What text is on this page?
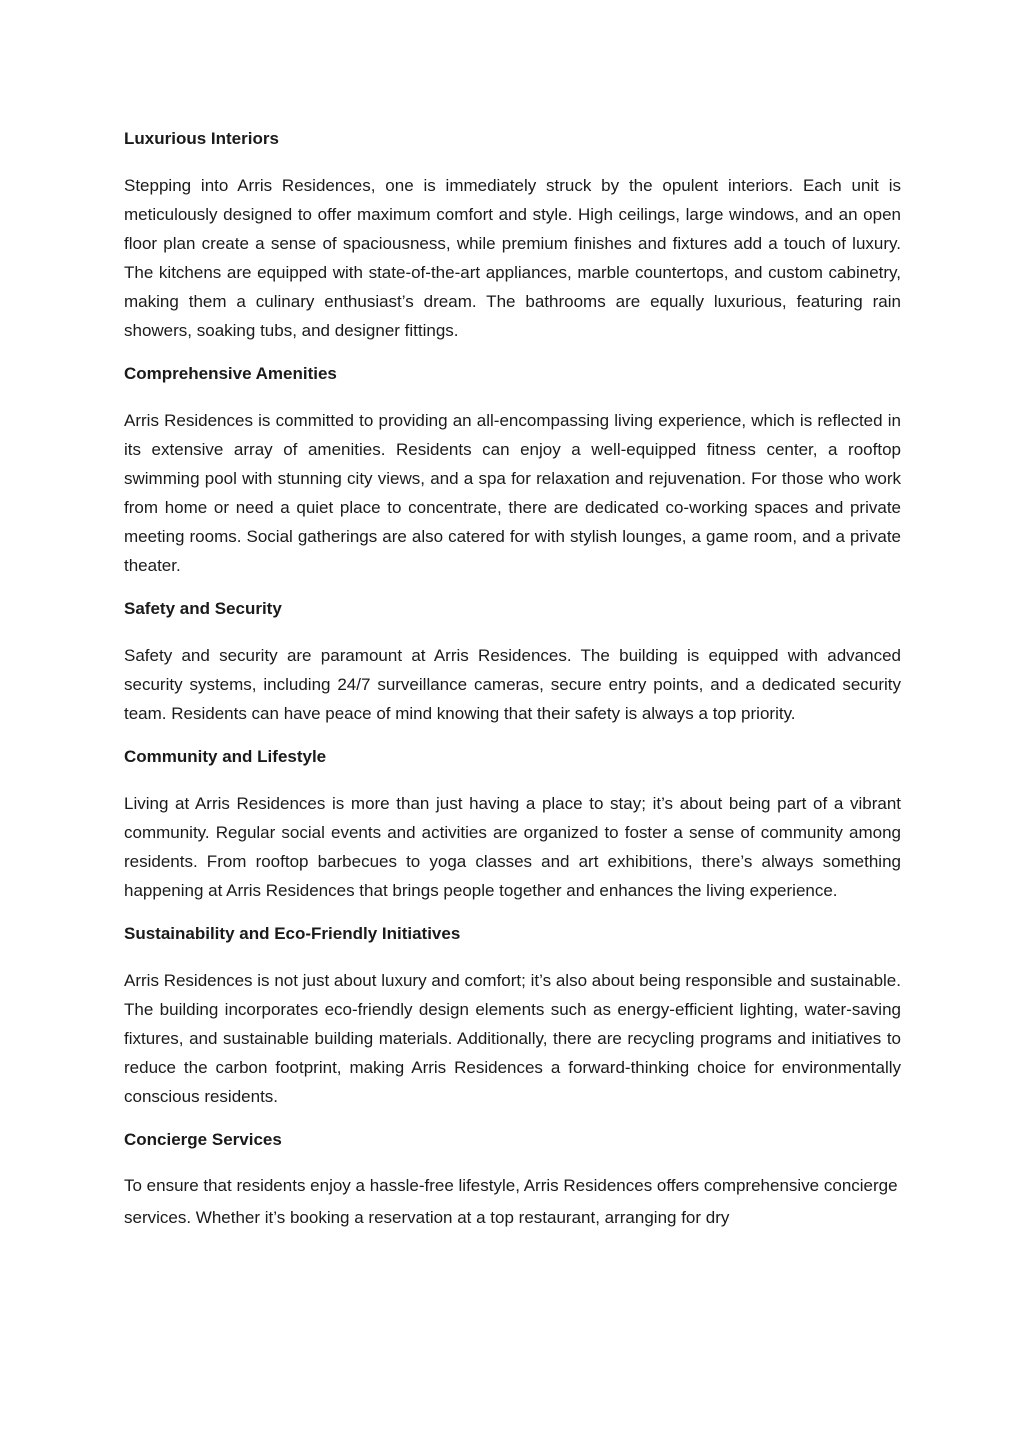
Luxurious Interiors

Stepping into Arris Residences, one is immediately struck by the opulent interiors. Each unit is meticulously designed to offer maximum comfort and style. High ceilings, large windows, and an open floor plan create a sense of spaciousness, while premium finishes and fixtures add a touch of luxury. The kitchens are equipped with state-of-the-art appliances, marble countertops, and custom cabinetry, making them a culinary enthusiast’s dream. The bathrooms are equally luxurious, featuring rain showers, soaking tubs, and designer fittings.

Comprehensive Amenities

Arris Residences is committed to providing an all-encompassing living experience, which is reflected in its extensive array of amenities. Residents can enjoy a well-equipped fitness center, a rooftop swimming pool with stunning city views, and a spa for relaxation and rejuvenation. For those who work from home or need a quiet place to concentrate, there are dedicated co-working spaces and private meeting rooms. Social gatherings are also catered for with stylish lounges, a game room, and a private theater.

Safety and Security

Safety and security are paramount at Arris Residences. The building is equipped with advanced security systems, including 24/7 surveillance cameras, secure entry points, and a dedicated security team. Residents can have peace of mind knowing that their safety is always a top priority.

Community and Lifestyle

Living at Arris Residences is more than just having a place to stay; it’s about being part of a vibrant community. Regular social events and activities are organized to foster a sense of community among residents. From rooftop barbecues to yoga classes and art exhibitions, there’s always something happening at Arris Residences that brings people together and enhances the living experience.

Sustainability and Eco-Friendly Initiatives

Arris Residences is not just about luxury and comfort; it’s also about being responsible and sustainable. The building incorporates eco-friendly design elements such as energy-efficient lighting, water-saving fixtures, and sustainable building materials. Additionally, there are recycling programs and initiatives to reduce the carbon footprint, making Arris Residences a forward-thinking choice for environmentally conscious residents.

Concierge Services

To ensure that residents enjoy a hassle-free lifestyle, Arris Residences offers comprehensive concierge services. Whether it’s booking a reservation at a top restaurant, arranging for dry
